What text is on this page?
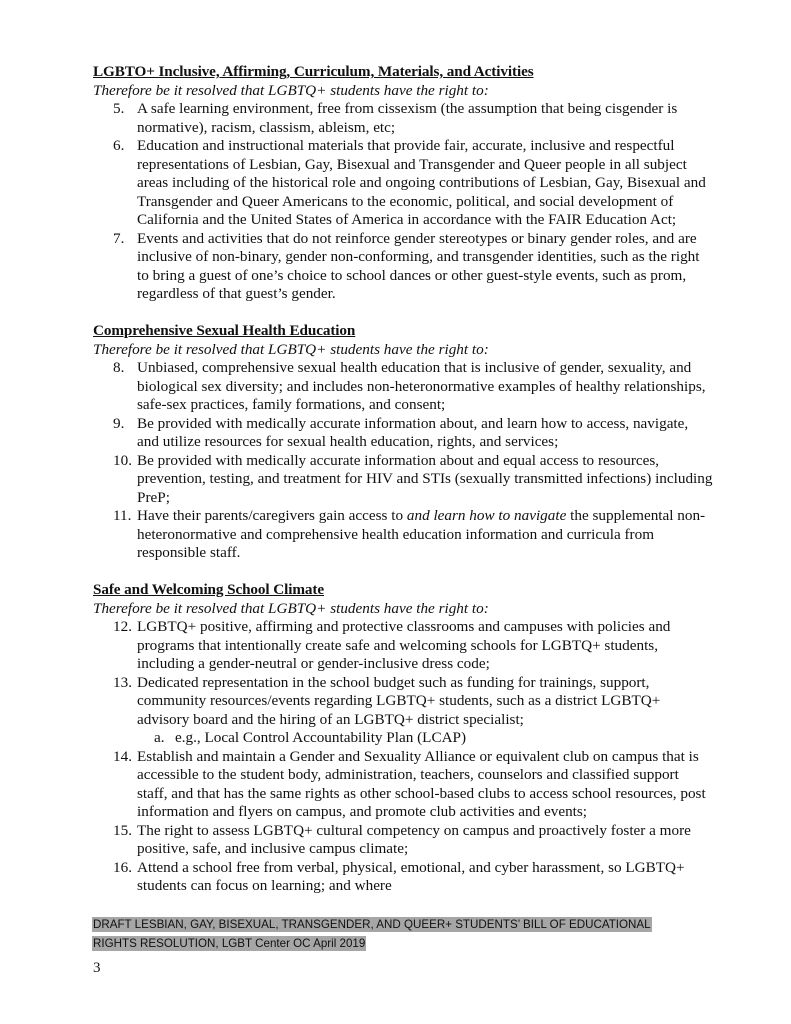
LGBTO+ Inclusive, Affirming, Curriculum, Materials, and Activities

Therefore be it resolved that LGBTQ+ students have the right to:

5. A safe learning environment, free from cissexism (the assumption that being cisgender is normative), racism, classism, ableism, etc;
6. Education and instructional materials that provide fair, accurate, inclusive and respectful representations of Lesbian, Gay, Bisexual and Transgender and Queer people in all subject areas including of the historical role and ongoing contributions of Lesbian, Gay, Bisexual and Transgender and Queer Americans to the economic, political, and social development of California and the United States of America in accordance with the FAIR Education Act;
7. Events and activities that do not reinforce gender stereotypes or binary gender roles, and are inclusive of non-binary, gender non-conforming, and transgender identities, such as the right to bring a guest of one’s choice to school dances or other guest-style events, such as prom, regardless of that guest’s gender.

Comprehensive Sexual Health Education

Therefore be it resolved that LGBTQ+ students have the right to:

8. Unbiased, comprehensive sexual health education that is inclusive of gender, sexuality, and biological sex diversity; and includes non-heteronormative examples of healthy relationships, safe-sex practices, family formations, and consent;
9. Be provided with medically accurate information about, and learn how to access, navigate, and utilize resources for sexual health education, rights, and services;
10. Be provided with medically accurate information about and equal access to resources, prevention, testing, and treatment for HIV and STIs (sexually transmitted infections) including PreP;
11. Have their parents/caregivers gain access to and learn how to navigate the supplemental non-heteronormative and comprehensive health education information and curricula from responsible staff.

Safe and Welcoming School Climate

Therefore be it resolved that LGBTQ+ students have the right to:

12. LGBTQ+ positive, affirming and protective classrooms and campuses with policies and programs that intentionally create safe and welcoming schools for LGBTQ+ students, including a gender-neutral or gender-inclusive dress code;
13. Dedicated representation in the school budget such as funding for trainings, support, community resources/events regarding LGBTQ+ students, such as a district LGBTQ+ advisory board and the hiring of an LGBTQ+ district specialist;
a. e.g., Local Control Accountability Plan (LCAP)
14. Establish and maintain a Gender and Sexuality Alliance or equivalent club on campus that is accessible to the student body, administration, teachers, counselors and classified support staff, and that has the same rights as other school-based clubs to access school resources, post information and flyers on campus, and promote club activities and events;
15. The right to assess LGBTQ+ cultural competency on campus and proactively foster a more positive, safe, and inclusive campus climate;
16. Attend a school free from verbal, physical, emotional, and cyber harassment, so LGBTQ+ students can focus on learning; and where
DRAFT LESBIAN, GAY, BISEXUAL, TRANSGENDER, AND QUEER+ STUDENTS’ BILL OF EDUCATIONAL
RIGHTS RESOLUTION, LGBT Center OC April 2019
3
